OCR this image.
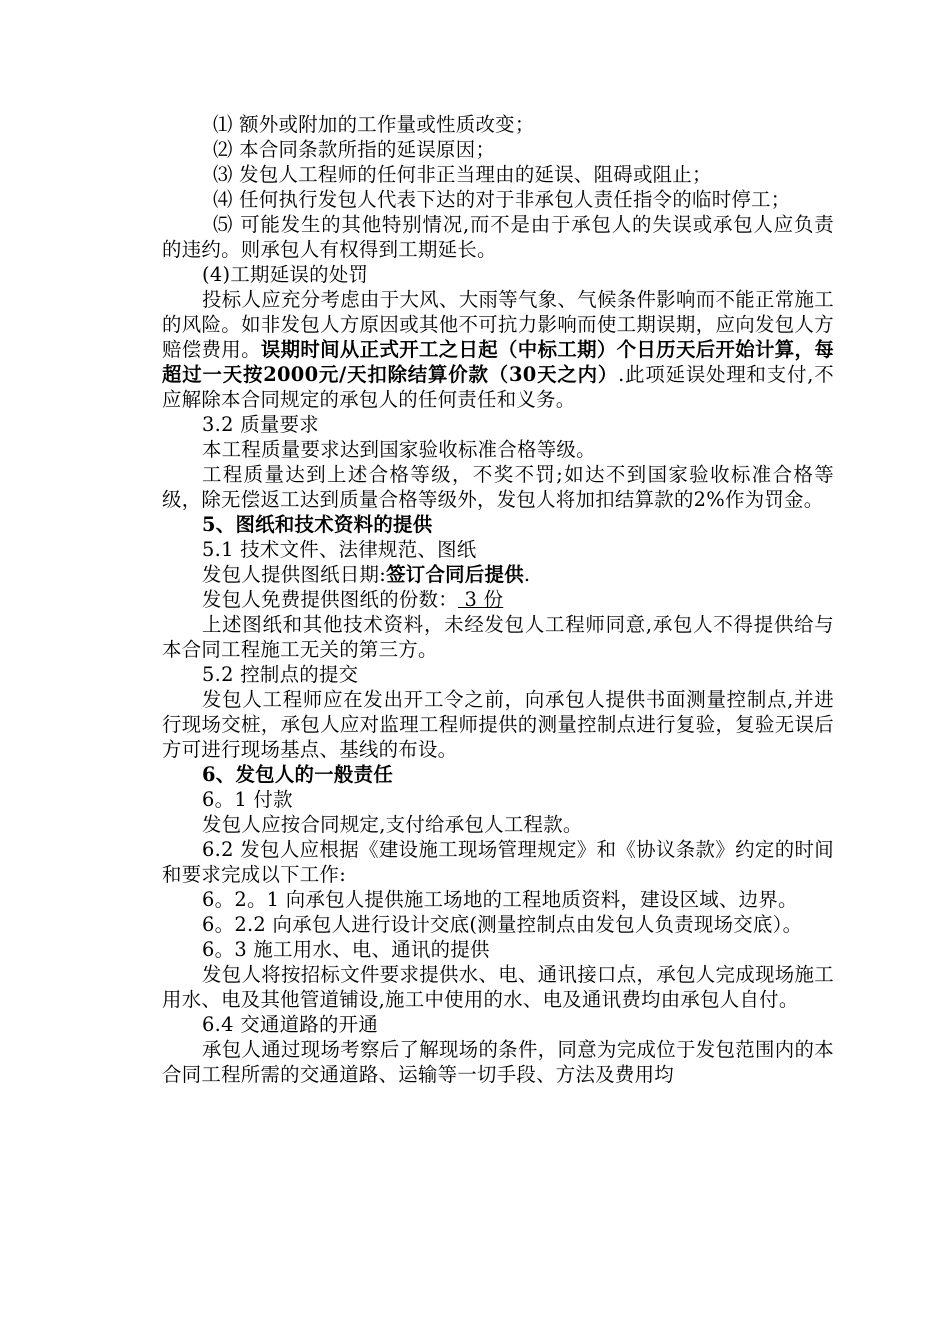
⑴ 额外或附加的工作量或性质改变；

⑵ 本合同条款所指的延误原因；

⑶ 发包人工程师的任何非正当理由的延误、阻碍或阻止；

⑷ 任何执行发包人代表下达的对于非承包人责任指令的临时停工；

⑸ 可能发生的其他特别情况,而不是由于承包人的失误或承包人应负责的违约。则承包人有权得到工期延长。

(4)工期延误的处罚

投标人应充分考虑由于大风、大雨等气象、气候条件影响而不能正常施工的风险。如非发包人方原因或其他不可抗力影响而使工期误期，应向发包人方赔偿费用。误期时间从正式开工之日起（中标工期）个日历天后开始计算，每超过一天按2000元/天扣除结算价款（30天之内）.此项延误处理和支付,不应解除本合同规定的承包人的任何责任和义务。

3.2 质量要求

本工程质量要求达到国家验收标准合格等级。

工程质量达到上述合格等级，不奖不罚;如达不到国家验收标准合格等级，除无偿返工达到质量合格等级外，发包人将加扣结算款的2%作为罚金。

5、图纸和技术资料的提供

5.1 技术文件、法律规范、图纸

发包人提供图纸日期:签订合同后提供.

发包人免费提供图纸的份数： 3 份

上述图纸和其他技术资料，未经发包人工程师同意,承包人不得提供给与本合同工程施工无关的第三方。

5.2 控制点的提交

发包人工程师应在发出开工令之前，向承包人提供书面测量控制点,并进行现场交桩，承包人应对监理工程师提供的测量控制点进行复验，复验无误后方可进行现场基点、基线的布设。

6、发包人的一般责任

6。1 付款

发包人应按合同规定,支付给承包人工程款。

6.2 发包人应根据《建设施工现场管理规定》和《协议条款》约定的时间和要求完成以下工作:

6。2。1 向承包人提供施工场地的工程地质资料，建设区域、边界。

6。2.2 向承包人进行设计交底(测量控制点由发包人负责现场交底）。

6。3 施工用水、电、通讯的提供

发包人将按招标文件要求提供水、电、通讯接口点，承包人完成现场施工用水、电及其他管道铺设,施工中使用的水、电及通讯费均由承包人自付。

6.4 交通道路的开通

承包人通过现场考察后了解现场的条件，同意为完成位于发包范围内的本合同工程所需的交通道路、运输等一切手段、方法及费用均
